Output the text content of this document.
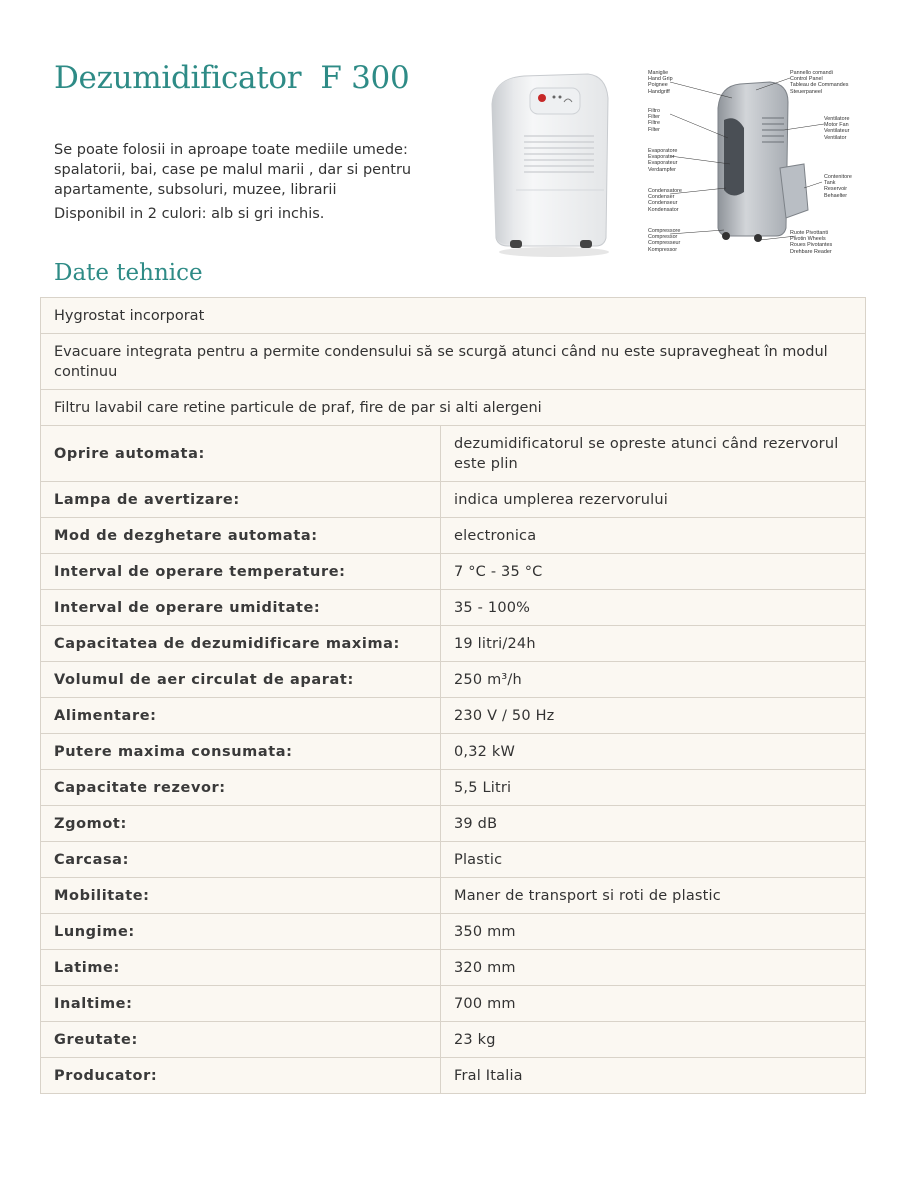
Dezumidificator  F 300

Se poate folosii in aproape toate mediile umede: spalatorii, bai, case pe malul marii , dar si pentru apartamente, subsoluri, muzee, librarii

Disponibil in 2 culori: alb si gri inchis.

Maniglie
Hand Grip
Poignee
Handgriff
Filtro
Filter
Filtre
Filter
Evaporatore
Evaporator
Evaporateur
Verdampfer
Condensatore
Condenser
Condenseur
Kondensator
Compressore
Compressor
Compresseur
Kompressor
Pannello comandi
Control Panel
Tableau de Commandes
Steuerpaneel
Ventilatore
Motor Fan
Ventilateur
Ventilator
Contenitore
Tank
Reservoir
Behaelter
Ruote Pivottanti
Pivotin Wheels
Roues Pivotantes
Drehbare Reader
Date tehnice
Hygrostat incorporat	
Evacuare integrata pentru a permite condensului să se scurgă atunci când nu este supravegheat în modul continuu	
Filtru lavabil care retine particule de praf, fire de par si alti alergeni	
Oprire automata:	dezumidificatorul se opreste atunci când rezervorul este plin
Lampa de avertizare:	indica umplerea rezervorului
Mod de dezghetare automata:	electronica
Interval de operare temperature:	7 °C - 35 °C
Interval de operare umiditate:	35 - 100%
Capacitatea de dezumidificare maxima:	19 litri/24h
Volumul de aer circulat de aparat:	250 m³/h
Alimentare:	230 V / 50 Hz
Putere maxima consumata:	0,32 kW
Capacitate rezevor:	5,5 Litri
Zgomot:	39 dB
Carcasa:	Plastic
Mobilitate:	Maner de transport si roti de plastic
Lungime:	350 mm
Latime:	320 mm
Inaltime:	700 mm
Greutate:	23 kg
Producator:	Fral Italia
